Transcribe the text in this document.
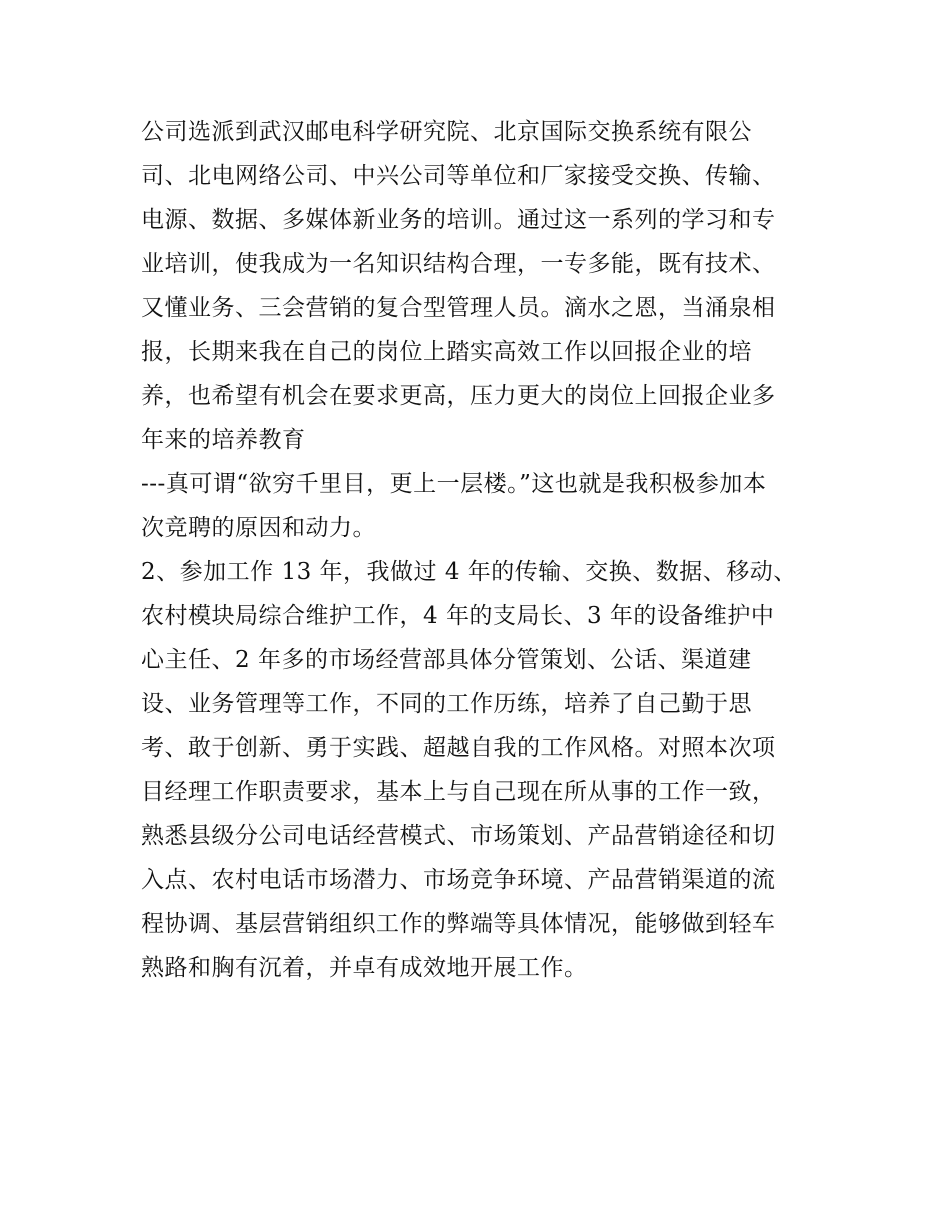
公司选派到武汉邮电科学研究院、北京国际交换系统有限公
司、北电网络公司、中兴公司等单位和厂家接受交换、传输、
电源、数据、多媒体新业务的培训。通过这一系列的学习和专
业培训，使我成为一名知识结构合理，一专多能，既有技术、
又懂业务、三会营销的复合型管理人员。滴水之恩，当涌泉相
报，长期来我在自己的岗位上踏实高效工作以回报企业的培
养，也希望有机会在要求更高，压力更大的岗位上回报企业多
年来的培养教育
---真可谓“欲穷千里目，更上一层楼。”这也就是我积极参加本
次竞聘的原因和动力。
2、参加工作 13 年，我做过 4 年的传输、交换、数据、移动、
农村模块局综合维护工作，4 年的支局长、3 年的设备维护中
心主任、2 年多的市场经营部具体分管策划、公话、渠道建
设、业务管理等工作，不同的工作历练，培养了自己勤于思
考、敢于创新、勇于实践、超越自我的工作风格。对照本次项
目经理工作职责要求，基本上与自己现在所从事的工作一致，
熟悉县级分公司电话经营模式、市场策划、产品营销途径和切
入点、农村电话市场潜力、市场竞争环境、产品营销渠道的流
程协调、基层营销组织工作的弊端等具体情况，能够做到轻车
熟路和胸有沉着，并卓有成效地开展工作。
